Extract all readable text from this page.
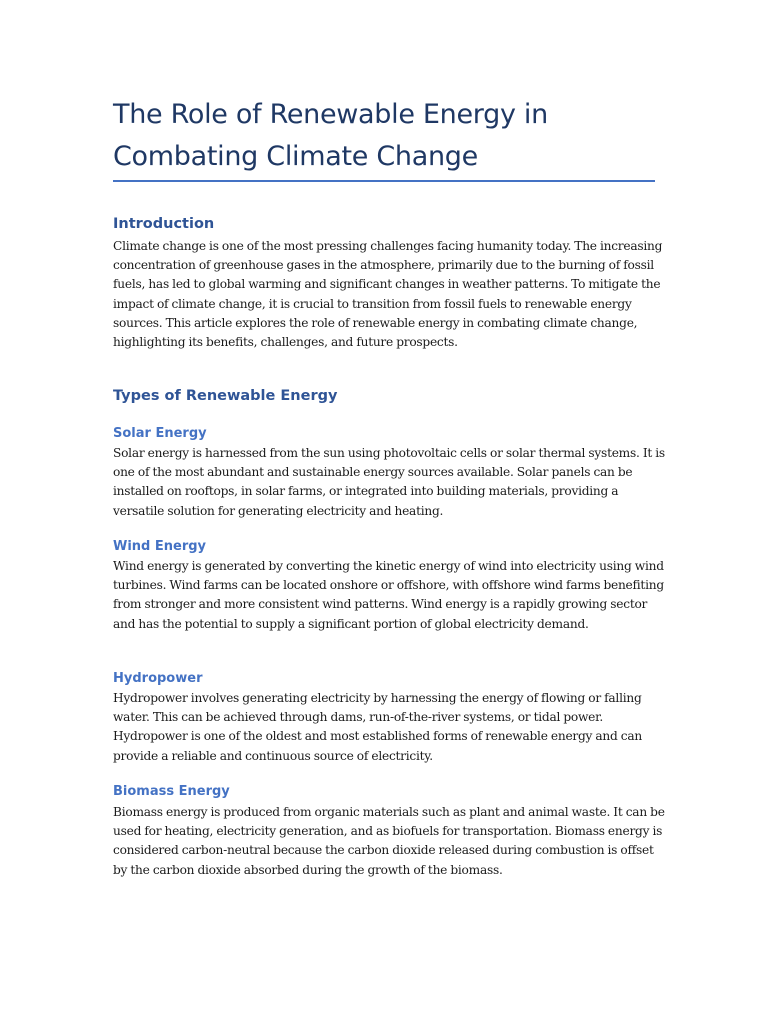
The Role of Renewable Energy in Combating Climate Change
Introduction

Climate change is one of the most pressing challenges facing humanity today. The increasing concentration of greenhouse gases in the atmosphere, primarily due to the burning of fossil fuels, has led to global warming and significant changes in weather patterns. To mitigate the impact of climate change, it is crucial to transition from fossil fuels to renewable energy sources. This article explores the role of renewable energy in combating climate change, highlighting its benefits, challenges, and future prospects.

Types of Renewable Energy
Solar Energy

Solar energy is harnessed from the sun using photovoltaic cells or solar thermal systems. It is one of the most abundant and sustainable energy sources available. Solar panels can be installed on rooftops, in solar farms, or integrated into building materials, providing a versatile solution for generating electricity and heating.

Wind Energy

Wind energy is generated by converting the kinetic energy of wind into electricity using wind turbines. Wind farms can be located onshore or offshore, with offshore wind farms benefiting from stronger and more consistent wind patterns. Wind energy is a rapidly growing sector and has the potential to supply a significant portion of global electricity demand.

Hydropower

Hydropower involves generating electricity by harnessing the energy of flowing or falling water. This can be achieved through dams, run-of-the-river systems, or tidal power. Hydropower is one of the oldest and most established forms of renewable energy and can provide a reliable and continuous source of electricity.

Biomass Energy

Biomass energy is produced from organic materials such as plant and animal waste. It can be used for heating, electricity generation, and as biofuels for transportation. Biomass energy is considered carbon-neutral because the carbon dioxide released during combustion is offset by the carbon dioxide absorbed during the growth of the biomass.
